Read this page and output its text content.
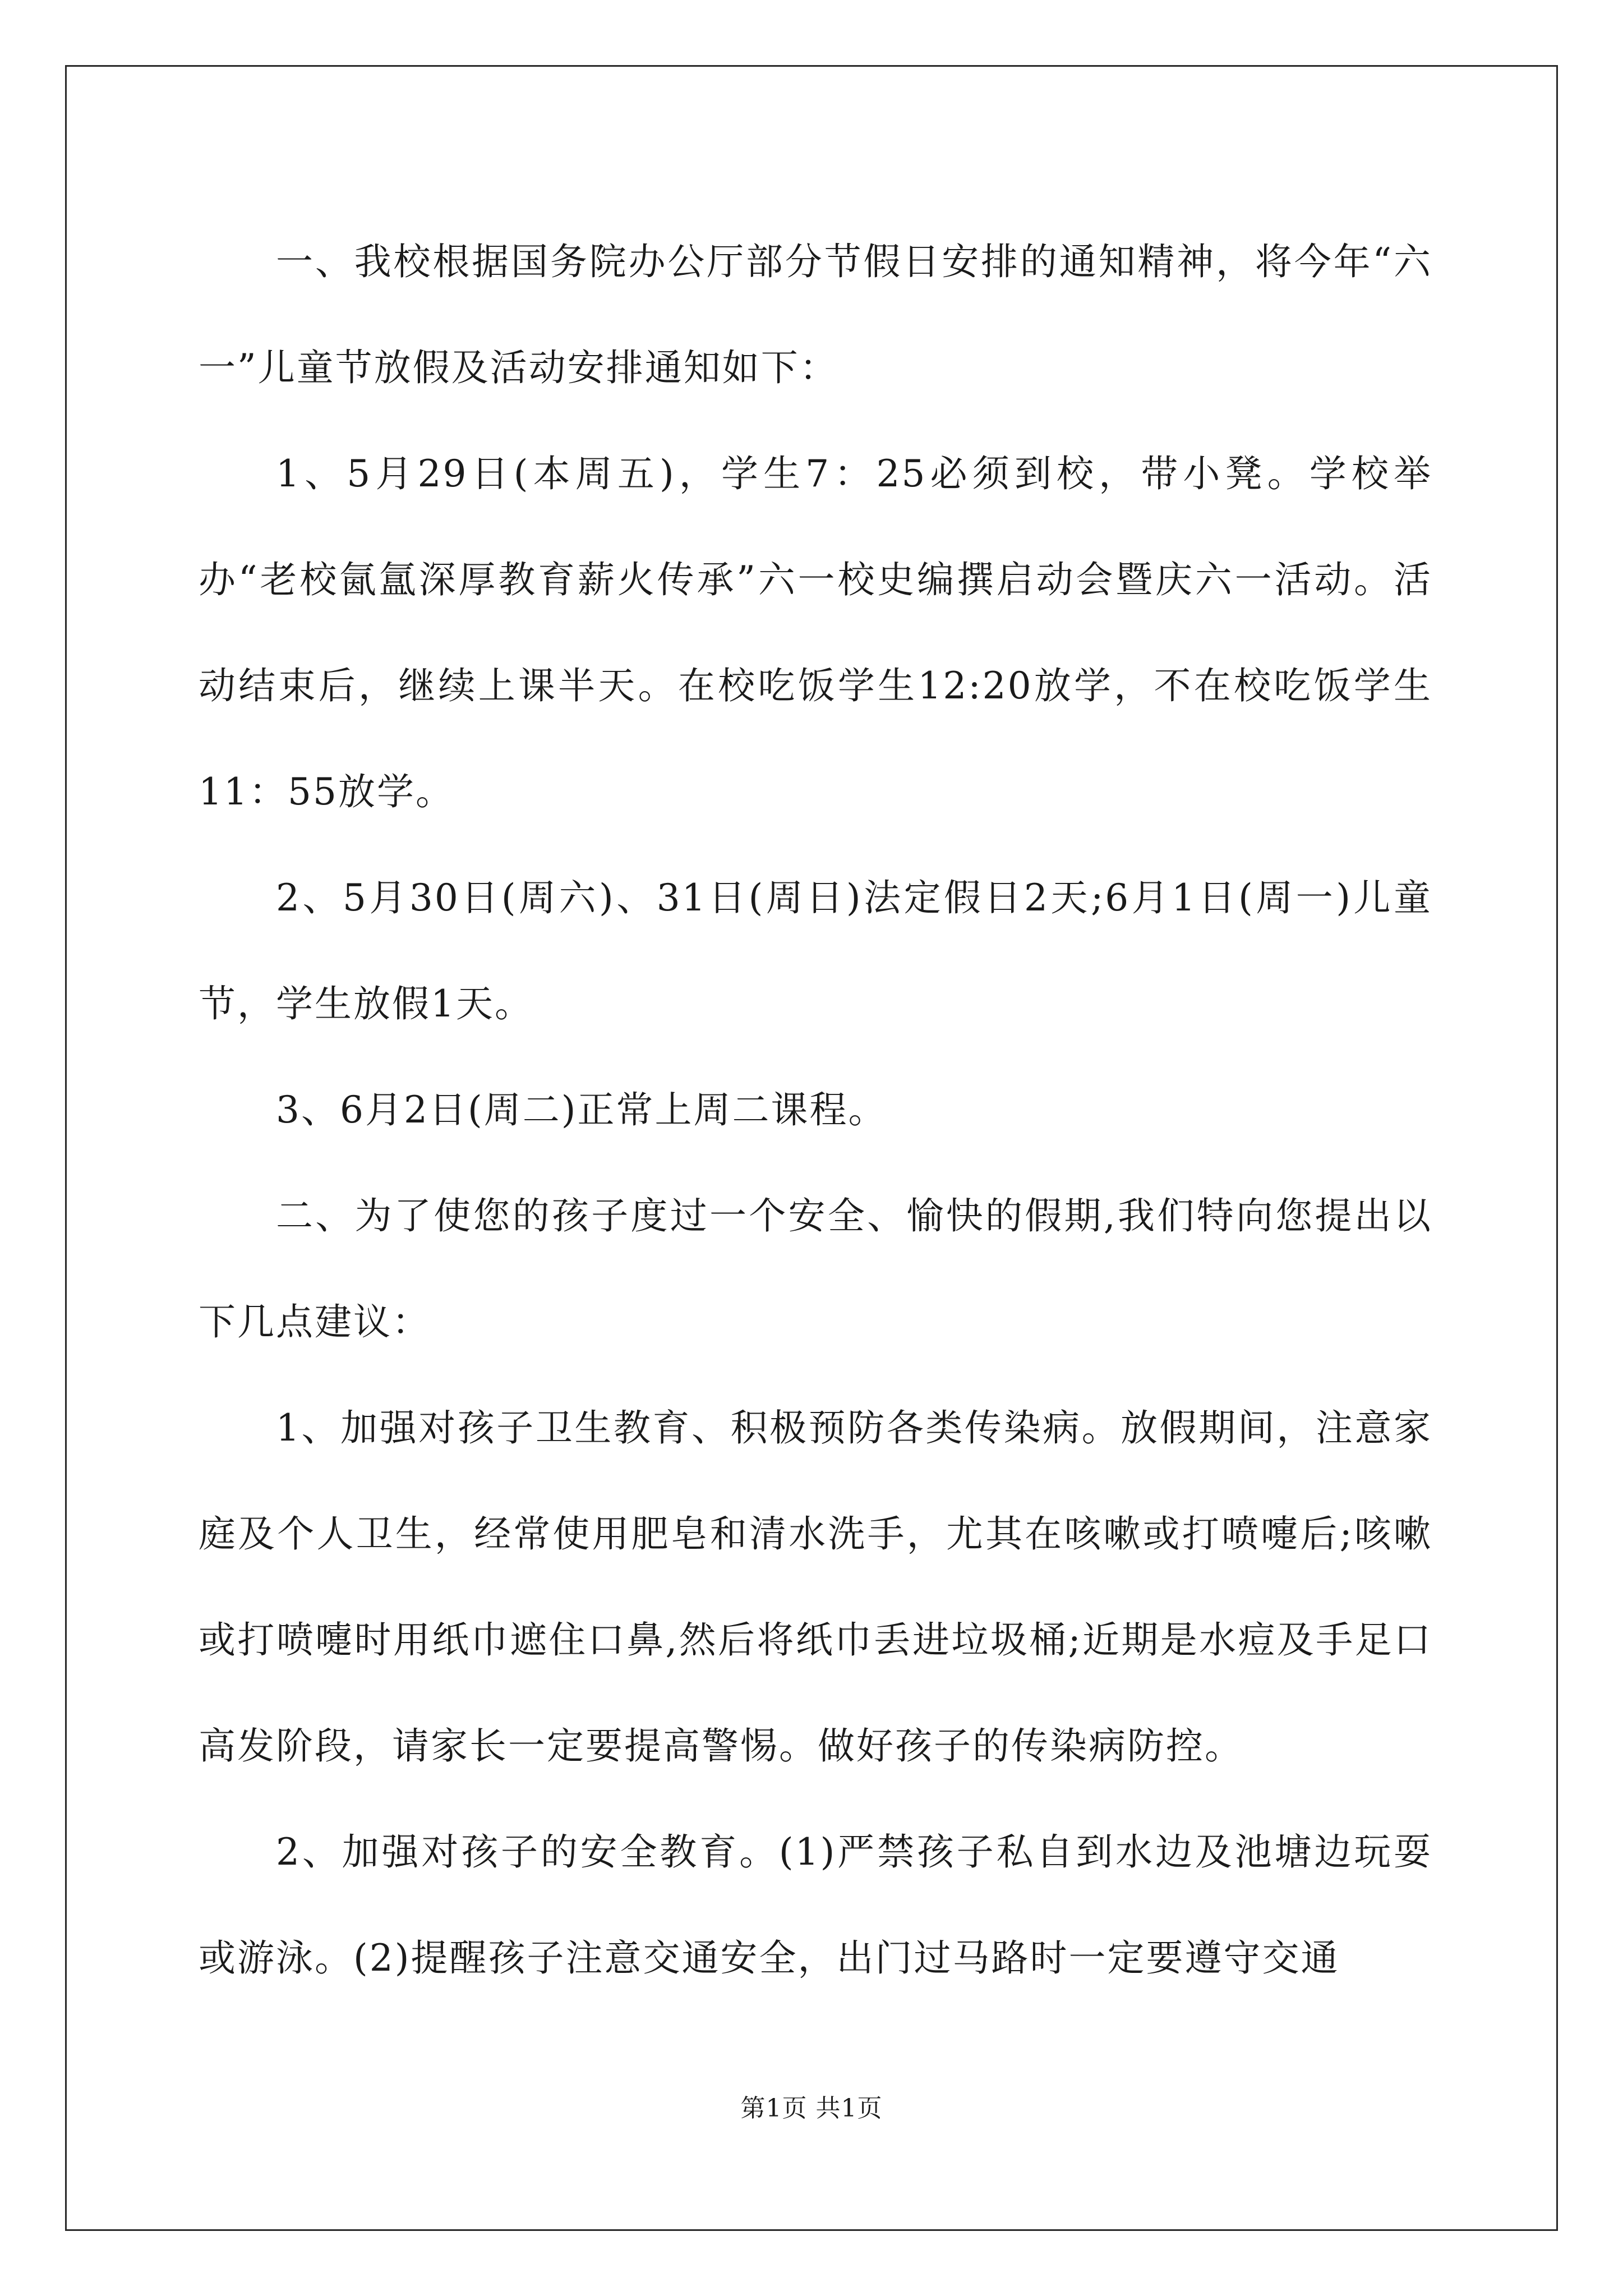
一、我校根据国务院办公厅部分节假日安排的通知精神，将今年“六一”儿童节放假及活动安排通知如下：

1、5月29日(本周五)，学生7：25必须到校，带小凳。学校举办“老校氤氲深厚教育薪火传承”六一校史编撰启动会暨庆六一活动。活动结束后，继续上课半天。在校吃饭学生12:20放学，不在校吃饭学生11：55放学。

2、5月30日(周六)、31日(周日)法定假日2天;6月1日(周一)儿童节，学生放假1天。

3、6月2日(周二)正常上周二课程。

二、为了使您的孩子度过一个安全、愉快的假期,我们特向您提出以下几点建议：

1、加强对孩子卫生教育、积极预防各类传染病。放假期间，注意家庭及个人卫生，经常使用肥皂和清水洗手，尤其在咳嗽或打喷嚏后;咳嗽或打喷嚏时用纸巾遮住口鼻,然后将纸巾丢进垃圾桶;近期是水痘及手足口高发阶段，请家长一定要提高警惕。做好孩子的传染病防控。

2、加强对孩子的安全教育。(1)严禁孩子私自到水边及池塘边玩耍或游泳。(2)提醒孩子注意交通安全，出门过马路时一定要遵守交通

第1页 共1页
